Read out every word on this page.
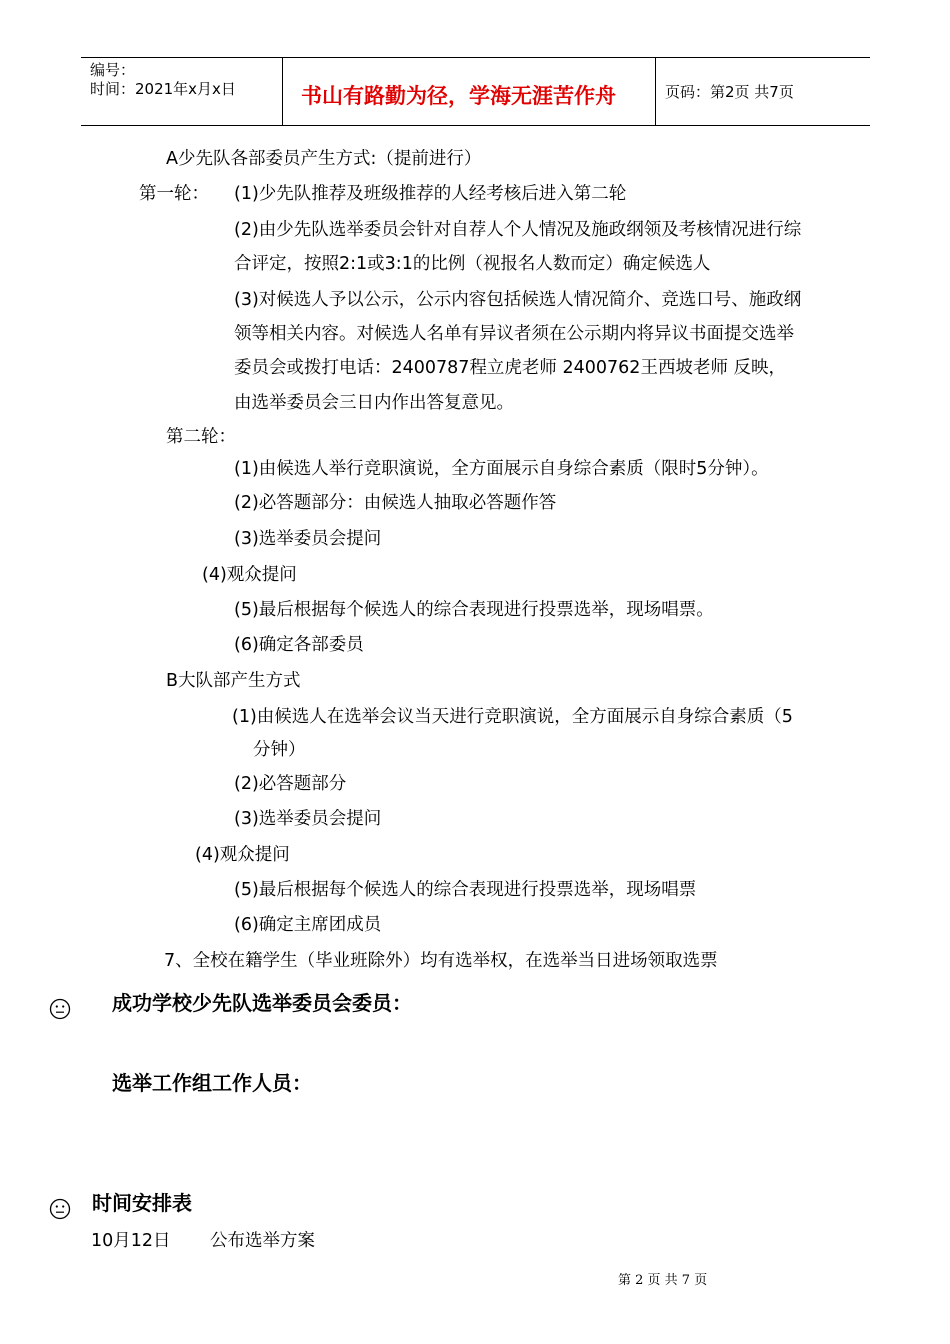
编号：
时间：2021年x月x日	书山有路勤为径，学海无涯苦作舟	页码：第2页 共7页
A少先队各部委员产生方式:（提前进行）
第一轮： (1)少先队推荐及班级推荐的人经考核后进入第二轮
(2)由少先队选举委员会针对自荐人个人情况及施政纲领及考核情况进行综
合评定，按照2:1或3:1的比例（视报名人数而定）确定候选人
(3)对候选人予以公示，公示内容包括候选人情况简介、竞选口号、施政纲
领等相关内容。对候选人名单有异议者须在公示期内将异议书面提交选举
委员会或拨打电话：2400787程立虎老师 2400762王西坡老师 反映，
由选举委员会三日内作出答复意见。
第二轮：
(1)由候选人举行竞职演说，全方面展示自身综合素质（限时5分钟）。
(2)必答题部分：由候选人抽取必答题作答
(3)选举委员会提问
(4)观众提问
(5)最后根据每个候选人的综合表现进行投票选举，现场唱票。
(6)确定各部委员
B大队部产生方式
(1)由候选人在选举会议当天进行竞职演说，全方面展示自身综合素质（5
分钟）
(2)必答题部分
(3)选举委员会提问
(4)观众提问
(5)最后根据每个候选人的综合表现进行投票选举，现场唱票
(6)确定主席团成员
7、全校在籍学生（毕业班除外）均有选举权，在选举当日进场领取选票
成功学校少先队选举委员会委员：
选举工作组工作人员：
时间安排表
10月12日 公布选举方案
第 2 页 共 7 页
